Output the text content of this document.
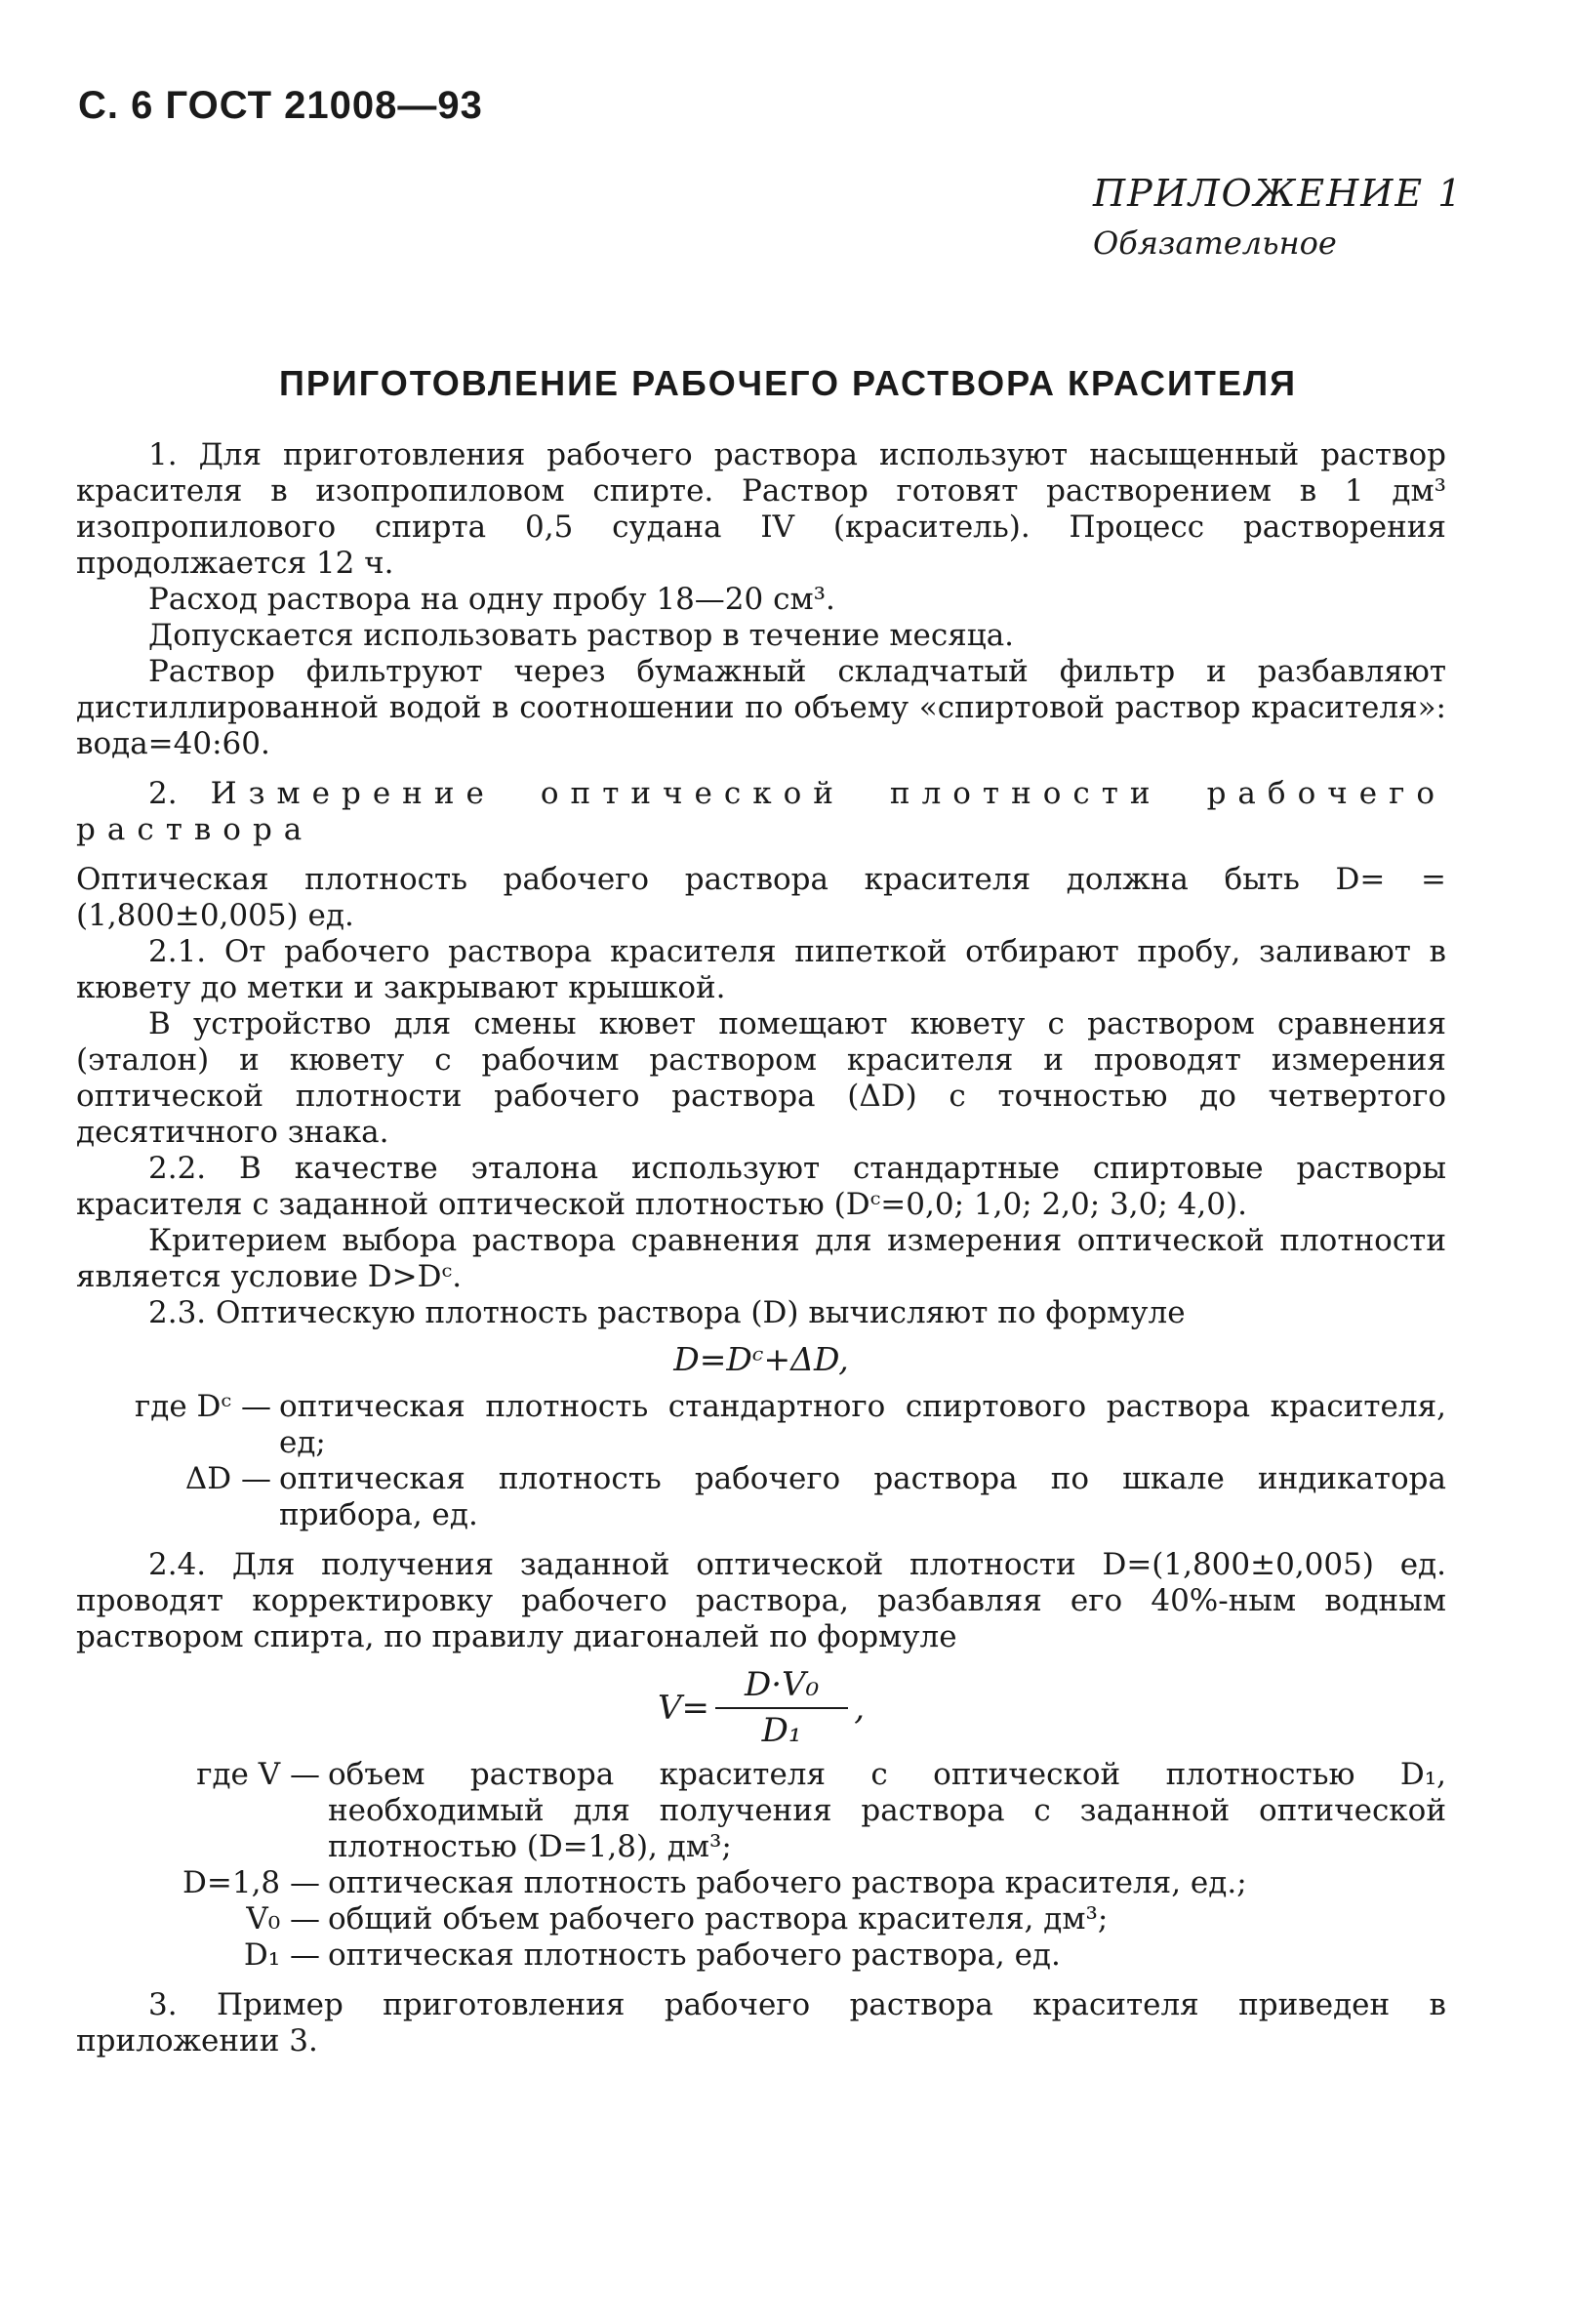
С. 6 ГОСТ 21008—93
ПРИЛОЖЕНИЕ 1
Обязательное
ПРИГОТОВЛЕНИЕ РАБОЧЕГО РАСТВОРА КРАСИТЕЛЯ

1. Для приготовления рабочего раствора используют насыщенный раствор красителя в изопропиловом спирте. Раствор готовят растворением в 1 дм³ изопропилового спирта 0,5 судана IV (краситель). Процесс растворения продолжается 12 ч.

Расход раствора на одну пробу 18—20 см³.

Допускается использовать раствор в течение месяца.

Раствор фильтруют через бумажный складчатый фильтр и разбавляют дистиллированной водой в соотношении по объему «спиртовой раствор красителя»: вода=40:60.

2. Измерение оптической плотности рабочего раствора

Оптическая плотность рабочего раствора красителя должна быть D= = (1,800±0,005) ед.

2.1. От рабочего раствора красителя пипеткой отбирают пробу, заливают в кювету до метки и закрывают крышкой.

В устройство для смены кювет помещают кювету с раствором сравнения (эталон) и кювету с рабочим раствором красителя и проводят измерения оптической плотности рабочего раствора (ΔD) с точностью до четвертого десятичного знака.

2.2. В качестве эталона используют стандартные спиртовые растворы красителя с заданной оптической плотностью (Dᶜ=0,0; 1,0; 2,0; 3,0; 4,0).

Критерием выбора раствора сравнения для измерения оптической плотности является условие D>Dᶜ.

2.3. Оптическую плотность раствора (D) вычисляют по формуле

D=Dᶜ+ΔD,
где Dᶜ — оптическая плотность стандартного спиртового раствора красителя, ед;
ΔD — оптическая плотность рабочего раствора по шкале индикатора прибора, ед.

2.4. Для получения заданной оптической плотности D=(1,800±0,005) ед. проводят корректировку рабочего раствора, разбавляя его 40%-ным водным раствором спирта, по правилу диагоналей по формуле

$V= \frac{\text{D·V₀}}{\text{D₁}}$ ,
где V — объем раствора красителя с оптической плотностью D₁, необходимый для получения раствора с заданной оптической плотностью (D=1,8), дм³;
D=1,8 — оптическая плотность рабочего раствора красителя, ед.;
V₀ — общий объем рабочего раствора красителя, дм³;
D₁ — оптическая плотность рабочего раствора, ед.

3. Пример приготовления рабочего раствора красителя приведен в приложении 3.
